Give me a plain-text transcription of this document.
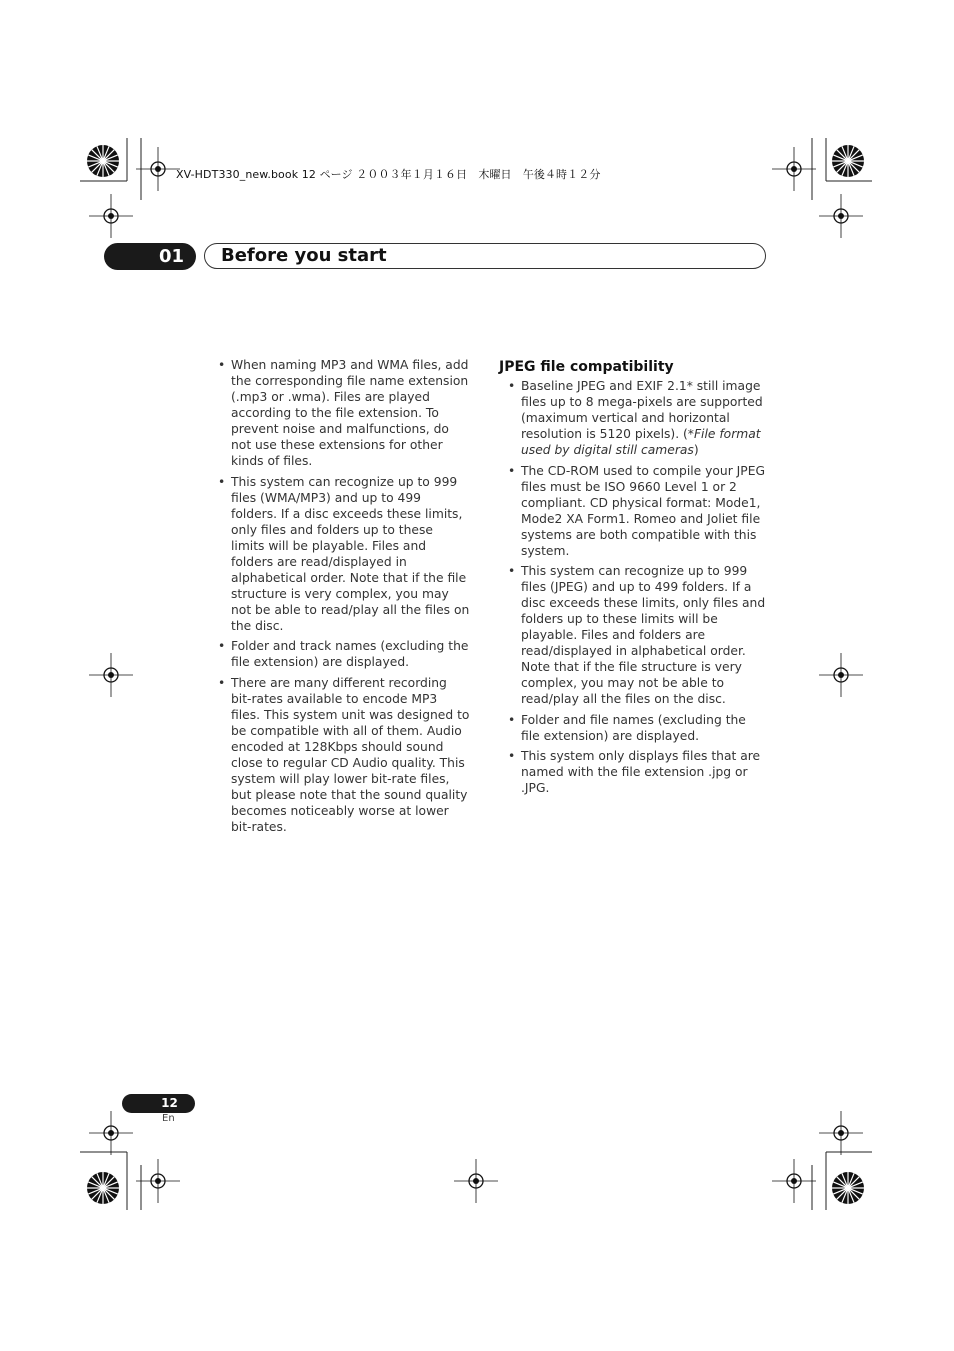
XV-HDT330_new.book 12 ページ ２００３年１月１６日　木曜日　午後４時１２分
01	Before you start
• When naming MP3 and WMA files, add the corresponding file name extension (.mp3 or .wma). Files are played according to the file extension. To prevent noise and malfunctions, do not use these extensions for other kinds of files.
• This system can recognize up to 999 files (WMA/MP3) and up to 499 folders. If a disc exceeds these limits, only files and folders up to these limits will be playable. Files and folders are read/displayed in alphabetical order. Note that if the file structure is very complex, you may not be able to read/play all the files on the disc.
• Folder and track names (excluding the file extension) are displayed.
• There are many different recording bit-rates available to encode MP3 files. This system unit was designed to be compatible with all of them. Audio encoded at 128Kbps should sound close to regular CD Audio quality. This system will play lower bit-rate files, but please note that the sound quality becomes noticeably worse at lower bit-rates.
JPEG file compatibility
• Baseline JPEG and EXIF 2.1* still image files up to 8 mega-pixels are supported (maximum vertical and horizontal resolution is 5120 pixels). (*File format used by digital still cameras)
• The CD-ROM used to compile your JPEG files must be ISO 9660 Level 1 or 2 compliant. CD physical format: Mode1, Mode2 XA Form1. Romeo and Joliet file systems are both compatible with this system.
• This system can recognize up to 999 files (JPEG) and up to 499 folders. If a disc exceeds these limits, only files and folders up to these limits will be playable. Files and folders are read/displayed in alphabetical order. Note that if the file structure is very complex, you may not be able to read/play all the files on the disc.
• Folder and file names (excluding the file extension) are displayed.
• This system only displays files that are named with the file extension .jpg or .JPG.
12
En
